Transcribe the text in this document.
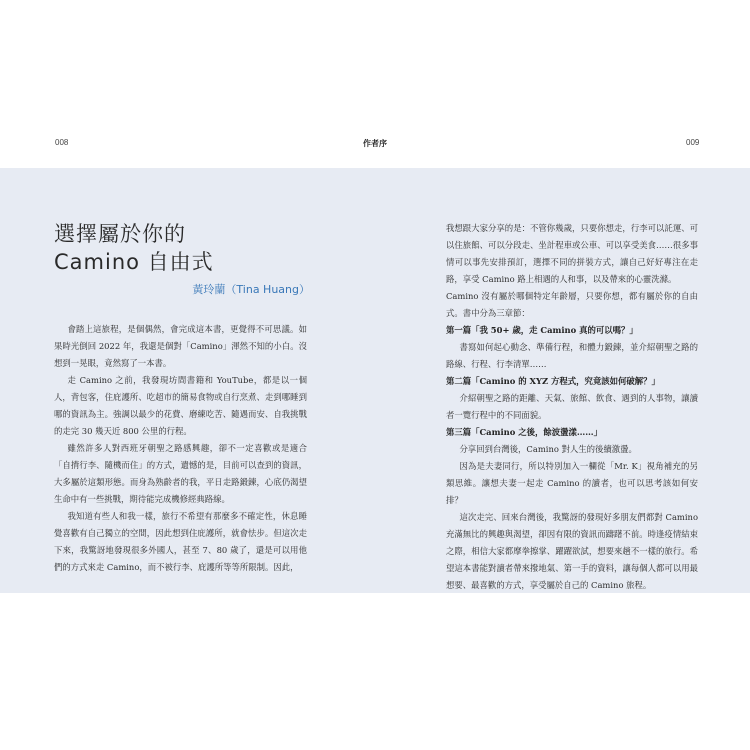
008	作者序	009
選擇屬於你的
Camino 自由式
黃玲蘭（Tina Huang）

會踏上這旅程，是個偶然，會完成這本書，更覺得不可思議。如果時光倒回 2022 年，我還是個對「Camino」渾然不知的小白。沒想到一晃眼，竟然寫了一本書。

走 Camino 之前，我發現坊間書籍和 YouTube，都是以一個人，背包客，住庇護所、吃超市的簡易食物或自行烹煮、走到哪睡到哪的資訊為主。強調以最少的花費、磨練吃苦、隨遇而安、自我挑戰的走完 30 幾天近 800 公里的行程。

雖然許多人對西班牙朝聖之路感興趣，卻不一定喜歡或是適合「自揹行李、隨機而住」的方式，遺憾的是，目前可以查到的資訊，大多屬於這類形態。而身為熟齡者的我，平日走路鍛鍊，心底仍渴望生命中有一些挑戰，期待能完成機修經典路線。

我知道有些人和我一樣，旅行不希望有那麼多不確定性，休息睡覺喜歡有自己獨立的空間，因此想到住庇護所，就會怯步。但這次走下來，我驚訝地發現很多外國人，甚至 7、80 歲了，還是可以用他們的方式來走 Camino，而不被行李、庇護所等等所限制。因此，

我想跟大家分享的是：不管你幾歲，只要你想走，行李可以託運、可以住旅館、可以分段走、坐計程車或公車、可以享受美食……很多事情可以事先安排預訂，選擇不同的拼裝方式，讓自己好好專注在走路，享受 Camino 路上相遇的人和事，以及帶來的心靈洗滌。

Camino 沒有屬於哪個特定年齡層，只要你想，都有屬於你的自由式。書中分為三章節：

第一篇「我 50+ 歲，走 Camino 真的可以嗎？」

書寫如何起心動念、準備行程，和體力鍛鍊，並介紹朝聖之路的路線、行程、行李清單……

第二篇「Camino 的 XYZ 方程式，究竟該如何破解？」

介紹朝聖之路的距離、天氣、旅館、飲食、遇到的人事物，讓讀者一覽行程中的不同面貌。

第三篇「Camino 之後，餘波盪漾……」

分享回到台灣後，Camino 對人生的後續激盪。

因為是夫妻同行，所以特別加入一欄從「Mr. K」視角補充的另類思維。讓想夫妻一起走 Camino 的讀者，也可以思考該如何安排？

這次走完、回來台灣後，我驚訝的發現好多朋友們都對 Camino 充滿無比的興趣與渴望，卻因有限的資訊而躊躇不前。時逢疫情結束之際，相信大家都摩拳擦掌、躍躍欲試，想要來趟不一樣的旅行。希望這本書能對讀者帶來撥地氣、第一手的資料，讓每個人都可以用最想要、最喜歡的方式，享受屬於自己的 Camino 旅程。
